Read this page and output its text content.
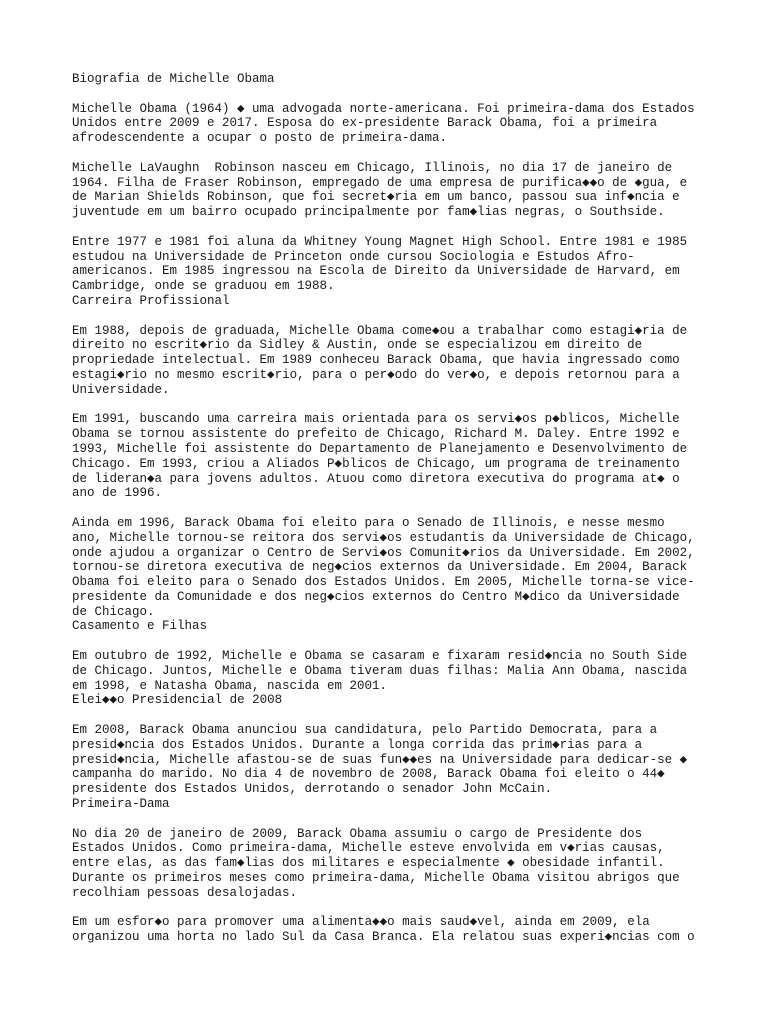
Biografia de Michelle Obama
Michelle Obama (1964) ◆ uma advogada norte-americana. Foi primeira-dama dos Estados
Unidos entre 2009 e 2017. Esposa do ex-presidente Barack Obama, foi a primeira
afrodescendente a ocupar o posto de primeira-dama.
Michelle LaVaughn  Robinson nasceu em Chicago, Illinois, no dia 17 de janeiro de
1964. Filha de Fraser Robinson, empregado de uma empresa de purifica◆◆o de ◆gua, e
de Marian Shields Robinson, que foi secret◆ria em um banco, passou sua inf◆ncia e
juventude em um bairro ocupado principalmente por fam◆lias negras, o Southside.
Entre 1977 e 1981 foi aluna da Whitney Young Magnet High School. Entre 1981 e 1985
estudou na Universidade de Princeton onde cursou Sociologia e Estudos Afro-
americanos. Em 1985 ingressou na Escola de Direito da Universidade de Harvard, em
Cambridge, onde se graduou em 1988.
Carreira Profissional
Em 1988, depois de graduada, Michelle Obama come◆ou a trabalhar como estagi◆ria de
direito no escrit◆rio da Sidley & Austin, onde se especializou em direito de
propriedade intelectual. Em 1989 conheceu Barack Obama, que havia ingressado como
estagi◆rio no mesmo escrit◆rio, para o per◆odo do ver◆o, e depois retornou para a
Universidade.
Em 1991, buscando uma carreira mais orientada para os servi◆os p◆blicos, Michelle
Obama se tornou assistente do prefeito de Chicago, Richard M. Daley. Entre 1992 e
1993, Michelle foi assistente do Departamento de Planejamento e Desenvolvimento de
Chicago. Em 1993, criou a Aliados P◆blicos de Chicago, um programa de treinamento
de lideran◆a para jovens adultos. Atuou como diretora executiva do programa at◆ o
ano de 1996.
Ainda em 1996, Barack Obama foi eleito para o Senado de Illinois, e nesse mesmo
ano, Michelle tornou-se reitora dos servi◆os estudantis da Universidade de Chicago,
onde ajudou a organizar o Centro de Servi◆os Comunit◆rios da Universidade. Em 2002,
tornou-se diretora executiva de neg◆cios externos da Universidade. Em 2004, Barack
Obama foi eleito para o Senado dos Estados Unidos. Em 2005, Michelle torna-se vice-
presidente da Comunidade e dos neg◆cios externos do Centro M◆dico da Universidade
de Chicago.
Casamento e Filhas
Em outubro de 1992, Michelle e Obama se casaram e fixaram resid◆ncia no South Side
de Chicago. Juntos, Michelle e Obama tiveram duas filhas: Malia Ann Obama, nascida
em 1998, e Natasha Obama, nascida em 2001.
Elei◆◆o Presidencial de 2008
Em 2008, Barack Obama anunciou sua candidatura, pelo Partido Democrata, para a
presid◆ncia dos Estados Unidos. Durante a longa corrida das prim◆rias para a
presid◆ncia, Michelle afastou-se de suas fun◆◆es na Universidade para dedicar-se ◆
campanha do marido. No dia 4 de novembro de 2008, Barack Obama foi eleito o 44◆
presidente dos Estados Unidos, derrotando o senador John McCain.
Primeira-Dama
No dia 20 de janeiro de 2009, Barack Obama assumiu o cargo de Presidente dos
Estados Unidos. Como primeira-dama, Michelle esteve envolvida em v◆rias causas,
entre elas, as das fam◆lias dos militares e especialmente ◆ obesidade infantil.
Durante os primeiros meses como primeira-dama, Michelle Obama visitou abrigos que
recolhiam pessoas desalojadas.
Em um esfor◆o para promover uma alimenta◆◆o mais saud◆vel, ainda em 2009, ela
organizou uma horta no lado Sul da Casa Branca. Ela relatou suas experi◆ncias com o
